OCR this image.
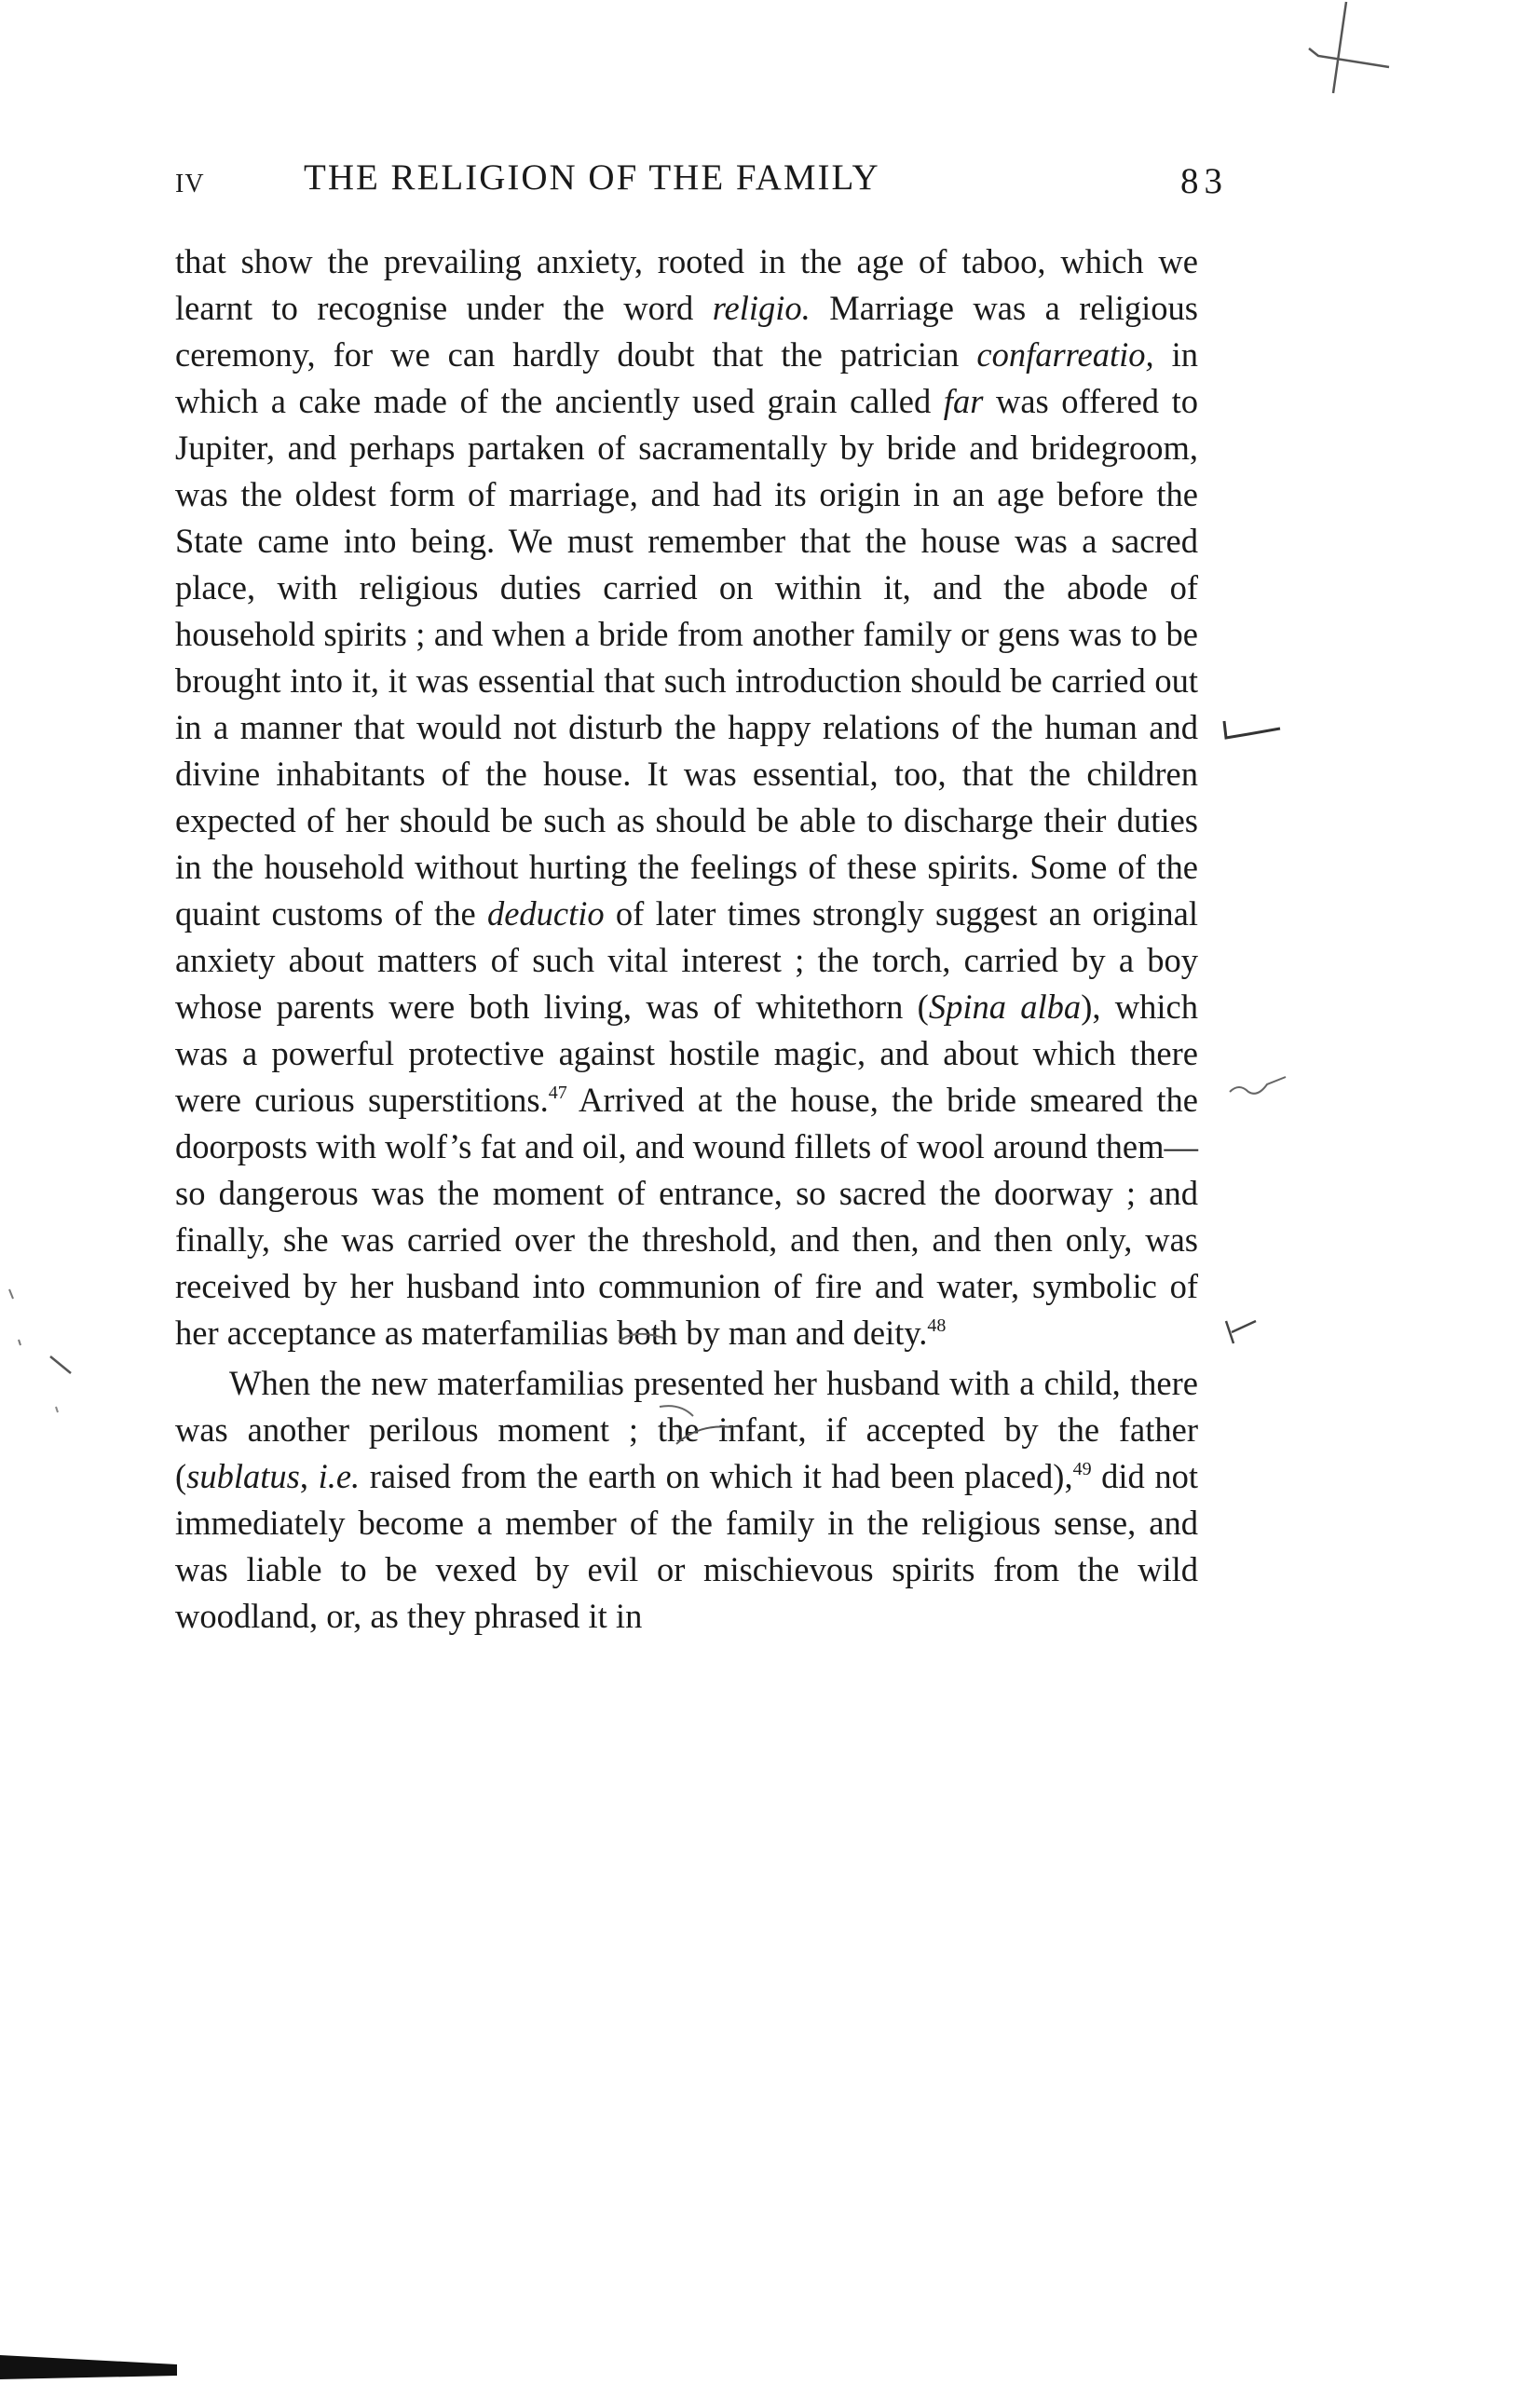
IV	THE RELIGION OF THE FAMILY	83

that show the prevailing anxiety, rooted in the age of taboo, which we learnt to recognise under the word religio. Marriage was a religious ceremony, for we can hardly doubt that the patrician confarreatio, in which a cake made of the anciently used grain called far was offered to Jupiter, and perhaps partaken of sacramentally by bride and bridegroom, was the oldest form of marriage, and had its origin in an age before the State came into being. We must remember that the house was a sacred place, with religious duties carried on within it, and the abode of household spirits ; and when a bride from another family or gens was to be brought into it, it was essential that such introduction should be carried out in a manner that would not disturb the happy relations of the human and divine inhabitants of the house. It was essential, too, that the children expected of her should be such as should be able to discharge their duties in the household without hurting the feelings of these spirits. Some of the quaint customs of the deductio of later times strongly suggest an original anxiety about matters of such vital interest ; the torch, carried by a boy whose parents were both living, was of whitethorn (Spina alba), which was a powerful protective against hostile magic, and about which there were curious superstitions.$^{47}$ Arrived at the house, the bride smeared the doorposts with wolf’s fat and oil, and wound fillets of wool around them—so dangerous was the moment of entrance, so sacred the doorway ; and finally, she was carried over the threshold, and then, and then only, was received by her husband into communion of fire and water, symbolic of her acceptance as materfamilias both by man and deity.$^{48}$

When the new materfamilias presented her husband with a child, there was another perilous moment ; the infant, if accepted by the father (sublatus, i.e. raised from the earth on which it had been placed),$^{49}$ did not immediately become a member of the family in the religious sense, and was liable to be vexed by evil or mischievous spirits from the wild woodland, or, as they phrased it in
